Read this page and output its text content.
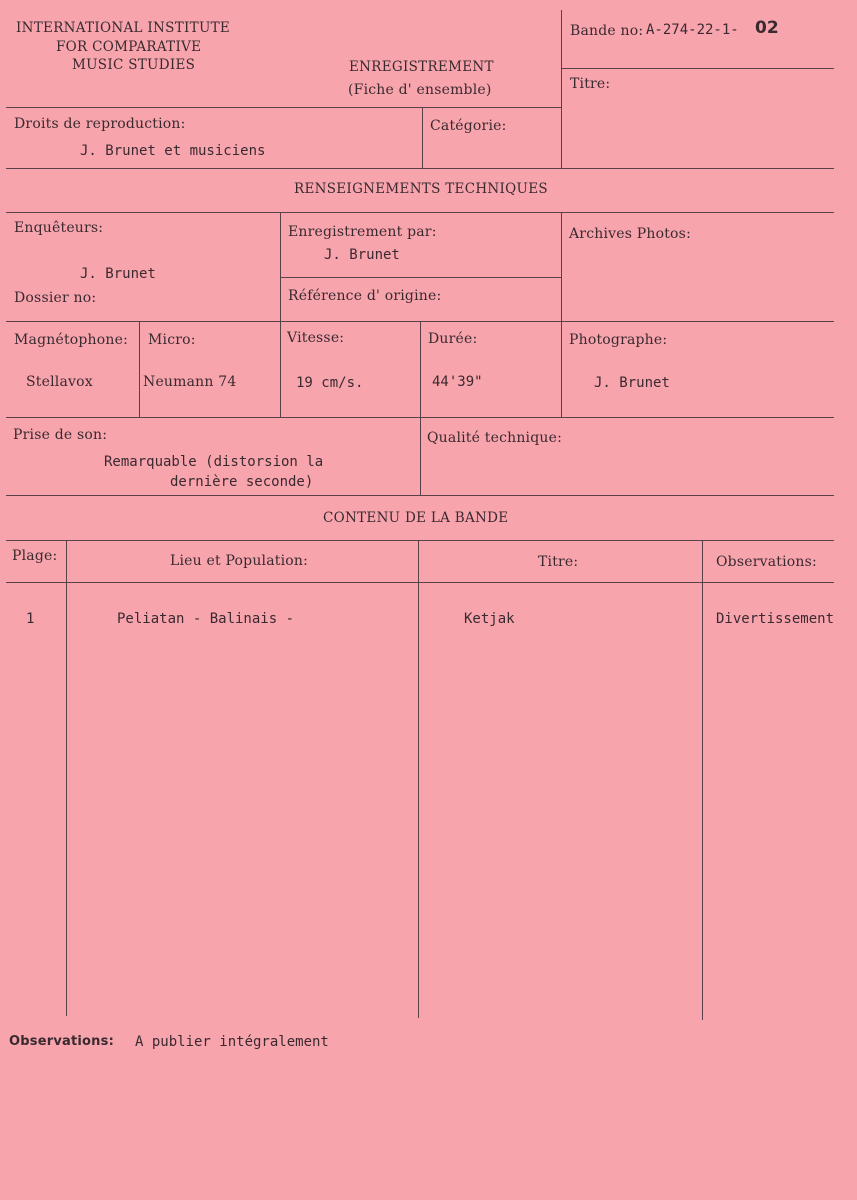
INTERNATIONAL INSTITUTE
FOR COMPARATIVE
MUSIC STUDIES	ENREGISTREMENT
(Fiche d' ensemble)
Bande no: A-274-22-1- 02
Titre:
Droits de reproduction:
J. Brunet et musiciens
Catégorie:
RENSEIGNEMENTS TECHNIQUES
Enquêteurs:
J. Brunet
Dossier no:
Enregistrement par:
J. Brunet
Référence d' origine:
Archives Photos:
Magnétophone:
Stellavox
Micro:
Neumann 74
Vitesse:
19 cm/s.
Durée:
44'39"
Photographe:
J. Brunet
Prise de son:
Remarquable (distorsion la
dernière seconde)
Qualité technique:
CONTENU DE LA BANDE
Plage:	Lieu et Population:	Titre:	Observations:
1	Peliatan - Balinais -	Ketjak	Divertissement
Observations: A publier intégralement
